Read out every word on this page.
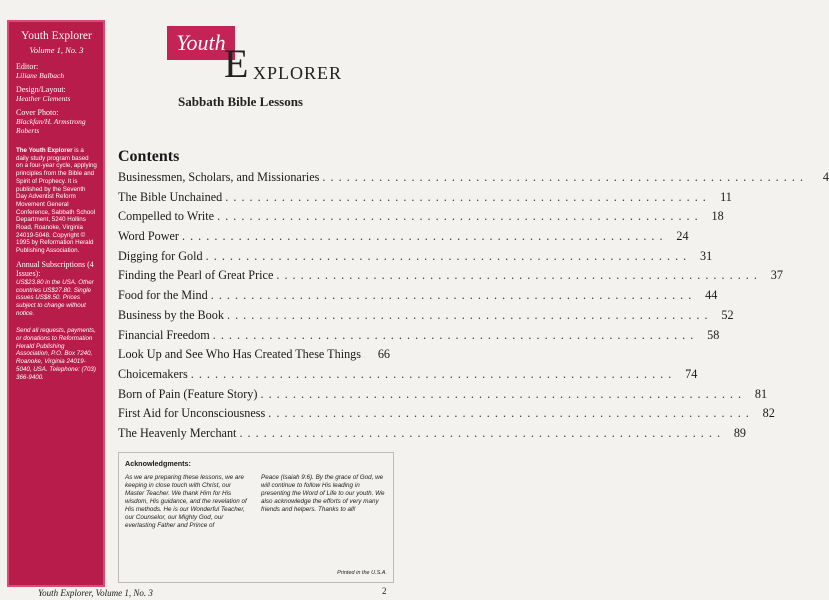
Youth Explorer
Volume 1, No. 3
Editor:
Liliane Balbach
Design/Layout:
Heather Clements
Cover Photo:
Blackfan/H. Armstrong Roberts
The Youth Explorer is a daily study program based on a four-year cycle, applying principles from the Bible and Spirit of Prophecy. It is published by the Seventh Day Adventist Reform Movement General Conference, Sabbath School Department, 5240 Hollins Road, Roanoke, Virginia 24019-5048. Copyright © 1995 by Reformation Herald Publishing Association.
Annual Subscriptions (4 Issues):
US$23.80 in the USA. Other countries US$27.80. Single issues US$8.50. Prices subject to change without notice.
Send all requests, payments, or donations to Reformation Herald Publishing Association, P.O. Box 7240, Roanoke, Virginia 24019-5040, USA. Telephone: (703) 366-9400.
Youth
E XPLORER
Sabbath Bible Lessons
Contents
Businessmen, Scholars, and Missionaries . . . . . . . . . . . . . . . . . . . . . . . . . . . . . . . . . . . . . . . . . . . . . . . . . . . . . . . . . . . .	4
The Bible Unchained . . . . . . . . . . . . . . . . . . . . . . . . . . . . . . . . . . . . . . . . . . . . . . . . . . . . . . . . . . . .	11
Compelled to Write . . . . . . . . . . . . . . . . . . . . . . . . . . . . . . . . . . . . . . . . . . . . . . . . . . . . . . . . . . . .	18
Word Power . . . . . . . . . . . . . . . . . . . . . . . . . . . . . . . . . . . . . . . . . . . . . . . . . . . . . . . . . . . .	24
Digging for Gold . . . . . . . . . . . . . . . . . . . . . . . . . . . . . . . . . . . . . . . . . . . . . . . . . . . . . . . . . . . .	31
Finding the Pearl of Great Price . . . . . . . . . . . . . . . . . . . . . . . . . . . . . . . . . . . . . . . . . . . . . . . . . . . . . . . . . . . .	37
Food for the Mind . . . . . . . . . . . . . . . . . . . . . . . . . . . . . . . . . . . . . . . . . . . . . . . . . . . . . . . . . . . .	44
Business by the Book . . . . . . . . . . . . . . . . . . . . . . . . . . . . . . . . . . . . . . . . . . . . . . . . . . . . . . . . . . . .	52
Financial Freedom . . . . . . . . . . . . . . . . . . . . . . . . . . . . . . . . . . . . . . . . . . . . . . . . . . . . . . . . . . . .	58
Look Up and See Who Has Created These Things	66
Choicemakers . . . . . . . . . . . . . . . . . . . . . . . . . . . . . . . . . . . . . . . . . . . . . . . . . . . . . . . . . . . .	74
Born of Pain (Feature Story) . . . . . . . . . . . . . . . . . . . . . . . . . . . . . . . . . . . . . . . . . . . . . . . . . . . . . . . . . . . .	81
First Aid for Unconsciousness . . . . . . . . . . . . . . . . . . . . . . . . . . . . . . . . . . . . . . . . . . . . . . . . . . . . . . . . . . . .	82
The Heavenly Merchant . . . . . . . . . . . . . . . . . . . . . . . . . . . . . . . . . . . . . . . . . . . . . . . . . . . . . . . . . . . .	89
Acknowledgments:
As we are preparing these lessons, we are keeping in close touch with Christ, our Master Teacher. We thank Him for His wisdom, His guidance, and the revelation of His methods. He is our Wonderful Teacher, our Counselor, our Mighty God, our everlasting Father and Prince of
Peace (Isaiah 9:6). By the grace of God, we will continue to follow His leading in presenting the Word of Life to our youth. We also acknowledge the efforts of very many friends and helpers. Thanks to all!
Printed in the U.S.A.
Youth Explorer, Volume 1, No. 3	2
